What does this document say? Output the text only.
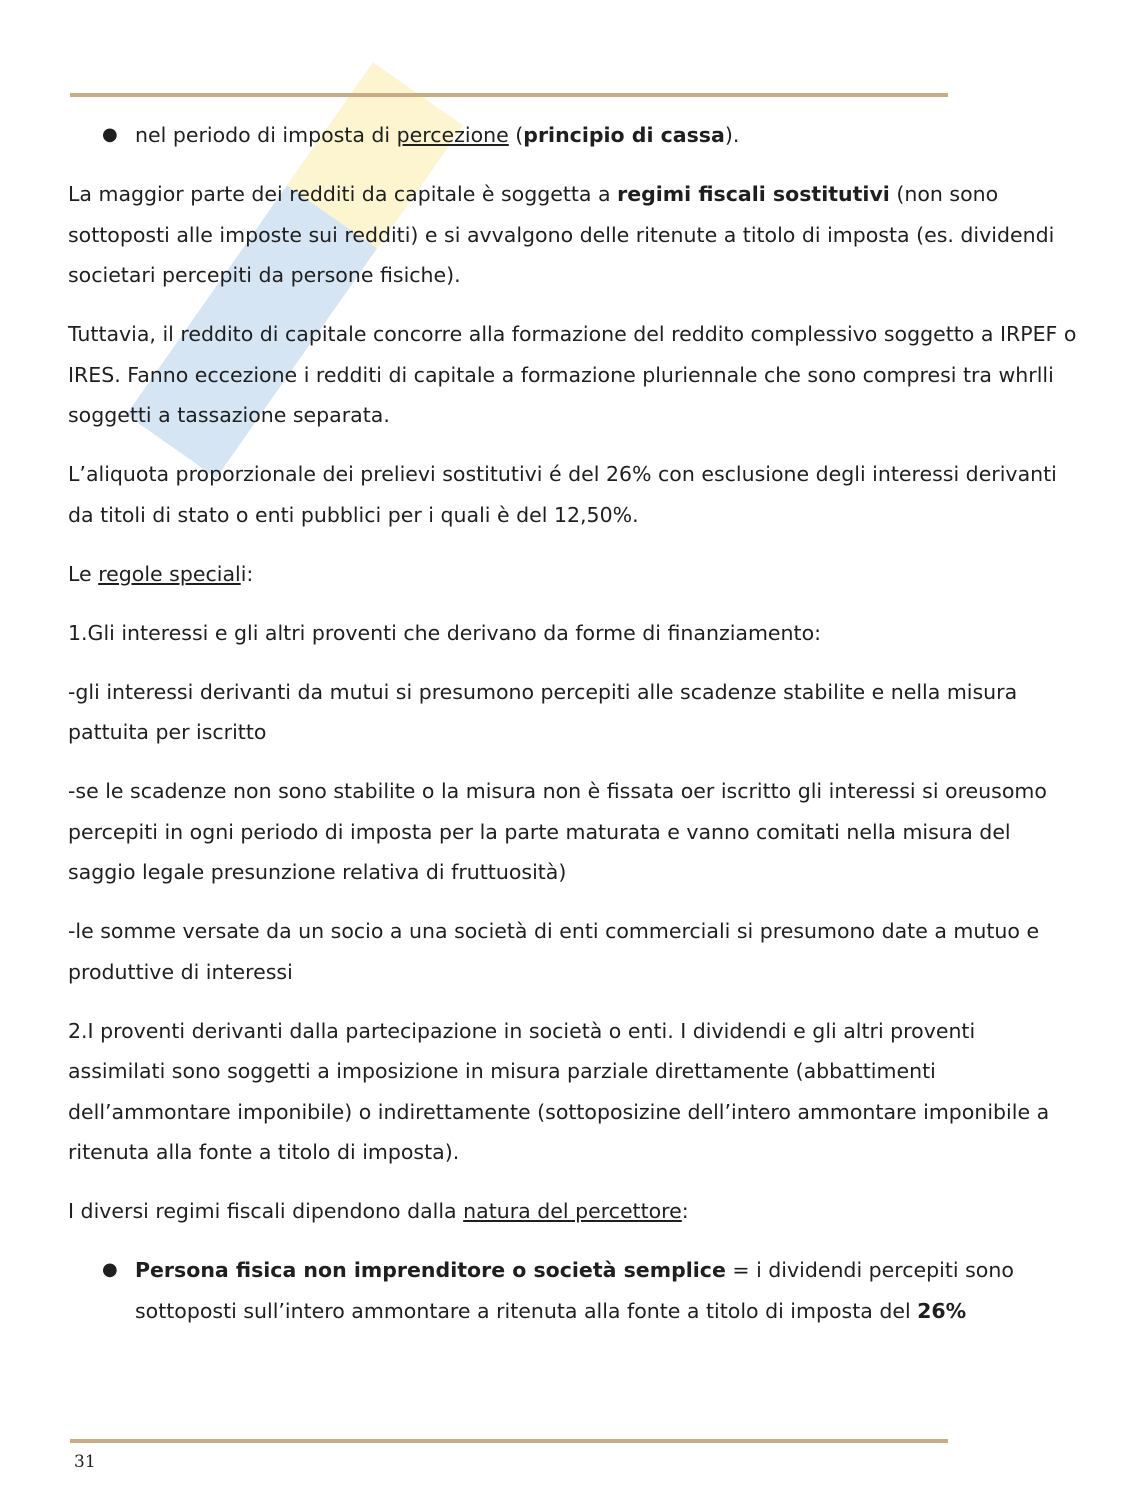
● nel periodo di imposta di percezione (principio di cassa).

La maggior parte dei redditi da capitale è soggetta a regimi fiscali sostitutivi (non sono sottoposti alle imposte sui redditi) e si avvalgono delle ritenute a titolo di imposta (es. dividendi societari percepiti da persone fisiche).

Tuttavia, il reddito di capitale concorre alla formazione del reddito complessivo soggetto a IRPEF o IRES. Fanno eccezione i redditi di capitale a formazione pluriennale che sono compresi tra whrlli soggetti a tassazione separata.

L’aliquota proporzionale dei prelievi sostitutivi é del 26% con esclusione degli interessi derivanti da titoli di stato o enti pubblici per i quali è del 12,50%.

Le regole speciali:

1.Gli interessi e gli altri proventi che derivano da forme di finanziamento:

-gli interessi derivanti da mutui si presumono percepiti alle scadenze stabilite e nella misura pattuita per iscritto

-se le scadenze non sono stabilite o la misura non è fissata oer iscritto gli interessi si oreusomo percepiti in ogni periodo di imposta per la parte maturata e vanno comitati nella misura del saggio legale presunzione relativa di fruttuosità)

-le somme versate da un socio a una società di enti commerciali si presumono date a mutuo e produttive di interessi

2.I proventi derivanti dalla partecipazione in società o enti. I dividendi e gli altri proventi assimilati sono soggetti a imposizione in misura parziale direttamente (abbattimenti dell’ammontare imponibile) o indirettamente (sottoposizine dell’intero ammontare imponibile a ritenuta alla fonte a titolo di imposta).

I diversi regimi fiscali dipendono dalla natura del percettore:

● Persona fisica non imprenditore o società semplice = i dividendi percepiti sono sottoposti sull’intero ammontare a ritenuta alla fonte a titolo di imposta del 26%
31
